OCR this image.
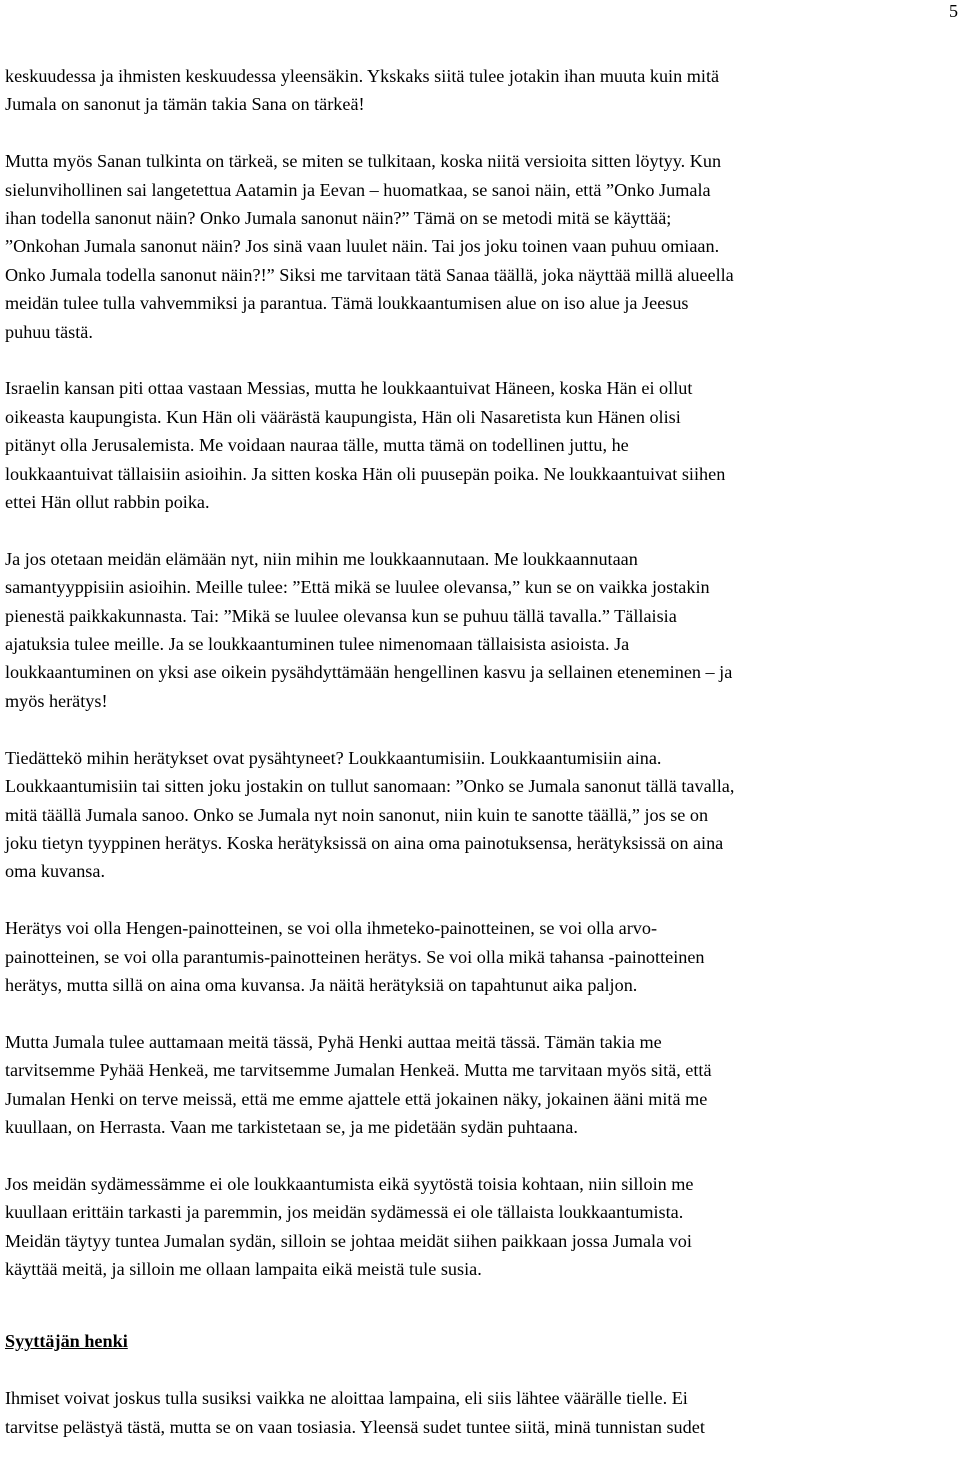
5

keskuudessa ja ihmisten keskuudessa yleensäkin. Ykskaks siitä tulee jotakin ihan muuta kuin mitä
Jumala on sanonut ja tämän takia Sana on tärkeä!

Mutta myös Sanan tulkinta on tärkeä, se miten se tulkitaan, koska niitä versioita sitten löytyy. Kun
sielunvihollinen sai langetettua Aatamin ja Eevan – huomatkaa, se sanoi näin, että ”Onko Jumala
ihan todella sanonut näin? Onko Jumala sanonut näin?” Tämä on se metodi mitä se käyttää;
”Onkohan Jumala sanonut näin? Jos sinä vaan luulet näin. Tai jos joku toinen vaan puhuu omiaan.
Onko Jumala todella sanonut näin?!” Siksi me tarvitaan tätä Sanaa täällä, joka näyttää millä alueella
meidän tulee tulla vahvemmiksi ja parantua. Tämä loukkaantumisen alue on iso alue ja Jeesus
puhuu tästä.

Israelin kansan piti ottaa vastaan Messias, mutta he loukkaantuivat Häneen, koska Hän ei ollut
oikeasta kaupungista. Kun Hän oli väärästä kaupungista, Hän oli Nasaretista kun Hänen olisi
pitänyt olla Jerusalemista. Me voidaan nauraa tälle, mutta tämä on todellinen juttu, he
loukkaantuivat tällaisiin asioihin. Ja sitten koska Hän oli puusepän poika. Ne loukkaantuivat siihen
ettei Hän ollut rabbin poika.

Ja jos otetaan meidän elämään nyt, niin mihin me loukkaannutaan. Me loukkaannutaan
samantyyppisiin asioihin. Meille tulee: ”Että mikä se luulee olevansa,” kun se on vaikka jostakin
pienestä paikkakunnasta. Tai: ”Mikä se luulee olevansa kun se puhuu tällä tavalla.” Tällaisia
ajatuksia tulee meille. Ja se loukkaantuminen tulee nimenomaan tällaisista asioista. Ja
loukkaantuminen on yksi ase oikein pysähdyttämään hengellinen kasvu ja sellainen eteneminen – ja
myös herätys!

Tiedättekö mihin herätykset ovat pysähtyneet? Loukkaantumisiin. Loukkaantumisiin aina.
Loukkaantumisiin tai sitten joku jostakin on tullut sanomaan: ”Onko se Jumala sanonut tällä tavalla,
mitä täällä Jumala sanoo. Onko se Jumala nyt noin sanonut, niin kuin te sanotte täällä,” jos se on
joku tietyn tyyppinen herätys. Koska herätyksissä on aina oma painotuksensa, herätyksissä on aina
oma kuvansa.

Herätys voi olla Hengen-painotteinen, se voi olla ihmeteko-painotteinen, se voi olla arvo-
painotteinen, se voi olla parantumis-painotteinen herätys. Se voi olla mikä tahansa -painotteinen
herätys, mutta sillä on aina oma kuvansa. Ja näitä herätyksiä on tapahtunut aika paljon.

Mutta Jumala tulee auttamaan meitä tässä, Pyhä Henki auttaa meitä tässä. Tämän takia me
tarvitsemme Pyhää Henkeä, me tarvitsemme Jumalan Henkeä. Mutta me tarvitaan myös sitä, että
Jumalan Henki on terve meissä, että me emme ajattele että jokainen näky, jokainen ääni mitä me
kuullaan, on Herrasta. Vaan me tarkistetaan se, ja me pidetään sydän puhtaana.

Jos meidän sydämessämme ei ole loukkaantumista eikä syytöstä toisia kohtaan, niin silloin me
kuullaan erittäin tarkasti ja paremmin, jos meidän sydämessä ei ole tällaista loukkaantumista.
Meidän täytyy tuntea Jumalan sydän, silloin se johtaa meidät siihen paikkaan jossa Jumala voi
käyttää meitä, ja silloin me ollaan lampaita eikä meistä tule susia.

Syyttäjän henki

Ihmiset voivat joskus tulla susiksi vaikka ne aloittaa lampaina, eli siis lähtee väärälle tielle. Ei
tarvitse pelästyä tästä, mutta se on vaan tosiasia. Yleensä sudet tuntee siitä, minä tunnistan sudet
